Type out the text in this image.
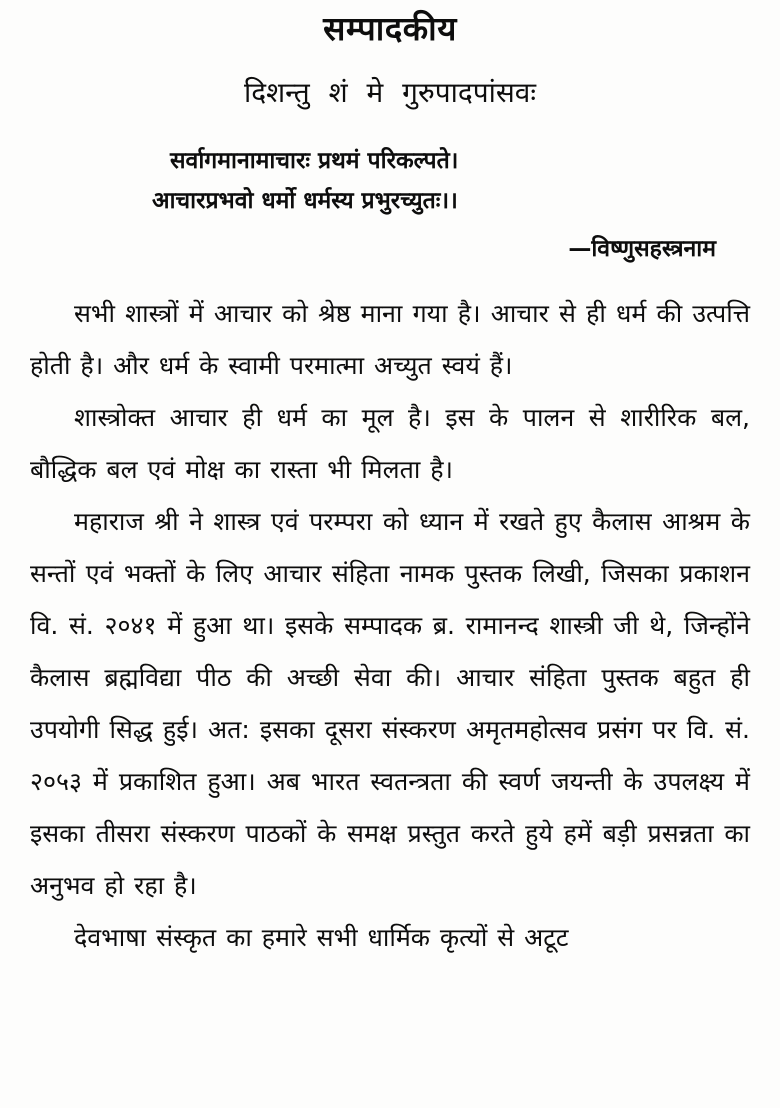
सम्पादकीय
दिशन्तु शं मे गुरुपादपांसवः
सर्वागमानामाचारः प्रथमं परिकल्पते।
आचारप्रभवो धर्मो धर्मस्य प्रभुरच्युतः।।
—विष्णुसहस्त्रनाम

सभी शास्त्रों में आचार को श्रेष्ठ माना गया है। आचार से ही धर्म की उत्पत्ति होती है। और धर्म के स्वामी परमात्मा अच्युत स्वयं हैं।

शास्त्रोक्त आचार ही धर्म का मूल है। इस के पालन से शारीरिक बल, बौद्धिक बल एवं मोक्ष का रास्ता भी मिलता है।

महाराज श्री ने शास्त्र एवं परम्परा को ध्यान में रखते हुए कैलास आश्रम के सन्तों एवं भक्तों के लिए आचार संहिता नामक पुस्तक लिखी, जिसका प्रकाशन वि. सं. २०४१ में हुआ था। इसके सम्पादक ब्र. रामानन्द शास्त्री जी थे, जिन्होंने कैलास ब्रह्मविद्या पीठ की अच्छी सेवा की। आचार संहिता पुस्तक बहुत ही उपयोगी सिद्ध हुई। अत: इसका दूसरा संस्करण अमृतमहोत्सव प्रसंग पर वि. सं. २०५३ में प्रकाशित हुआ। अब भारत स्वतन्त्रता की स्वर्ण जयन्ती के उपलक्ष्य में इसका तीसरा संस्करण पाठकों के समक्ष प्रस्तुत करते हुये हमें बड़ी प्रसन्नता का अनुभव हो रहा है।

देवभाषा संस्कृत का हमारे सभी धार्मिक कृत्यों से अटूट
